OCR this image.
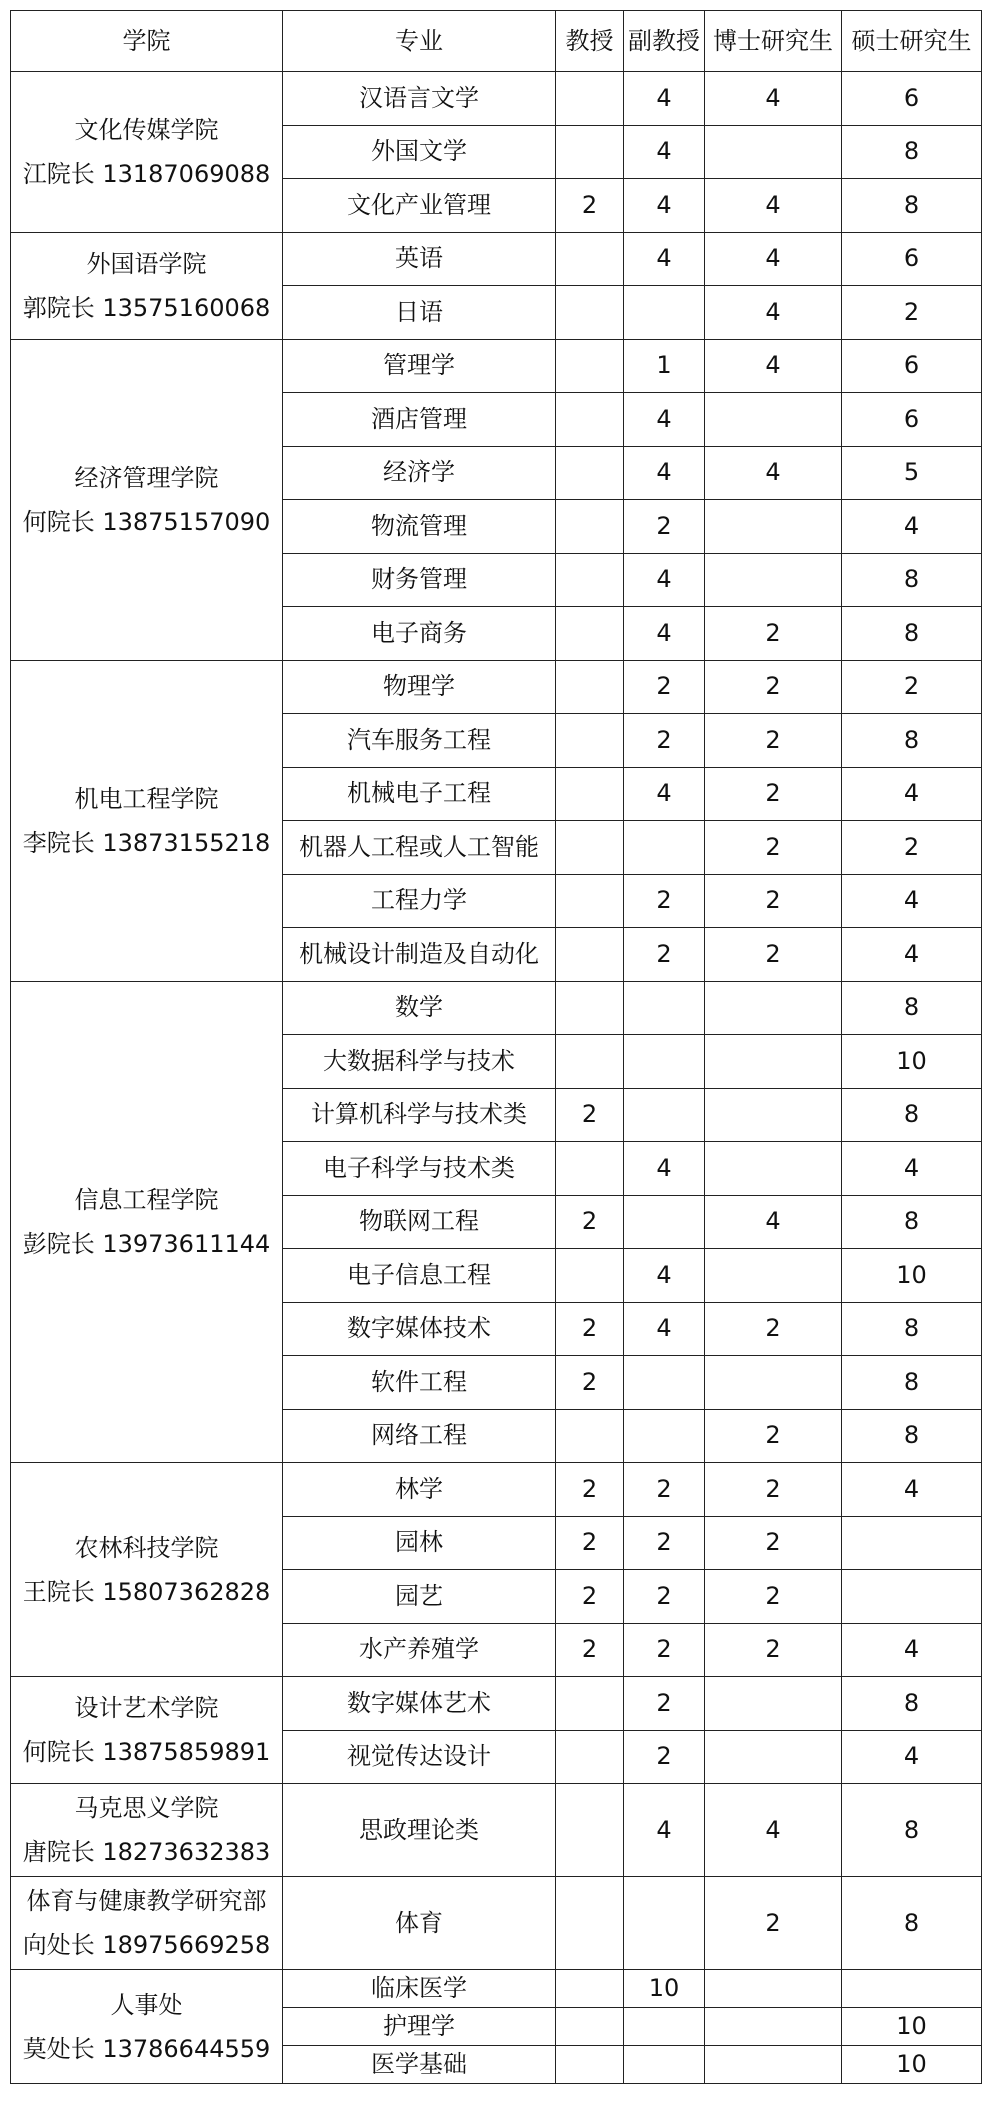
学院	专业	教授	副教授	博士研究生	硕士研究生

文化传媒学院
江院长 13187069088	汉语言文学		4	4	6
	外国文学		4		8
	文化产业管理	2	4	4	8

外国语学院
郭院长 13575160068	英语		4	4	6
	日语			4	2

经济管理学院
何院长 13875157090	管理学		1	4	6
	酒店管理		4		6
	经济学		4	4	5
	物流管理		2		4
	财务管理		4		8
	电子商务		4	2	8

机电工程学院
李院长 13873155218	物理学		2	2	2
	汽车服务工程		2	2	8
	机械电子工程		4	2	4
	机器人工程或人工智能			2	2
	工程力学		2	2	4
	机械设计制造及自动化		2	2	4

信息工程学院
彭院长 13973611144	数学				8
	大数据科学与技术				10
	计算机科学与技术类	2			8
	电子科学与技术类		4		4
	物联网工程	2		4	8
	电子信息工程		4		10
	数字媒体技术	2	4	2	8
	软件工程	2			8
	网络工程			2	8

农林科技学院
王院长 15807362828	林学	2	2	2	4
	园林	2	2	2	
	园艺	2	2	2	
	水产养殖学	2	2	2	4

设计艺术学院
何院长 13875859891	数字媒体艺术		2		8
	视觉传达设计		2		4

马克思义学院
唐院长 18273632383	思政理论类		4	4	8

体育与健康教学研究部
向处长 18975669258	体育			2	8

人事处
莫处长 13786644559	临床医学		10		
	护理学				10
	医学基础				10
